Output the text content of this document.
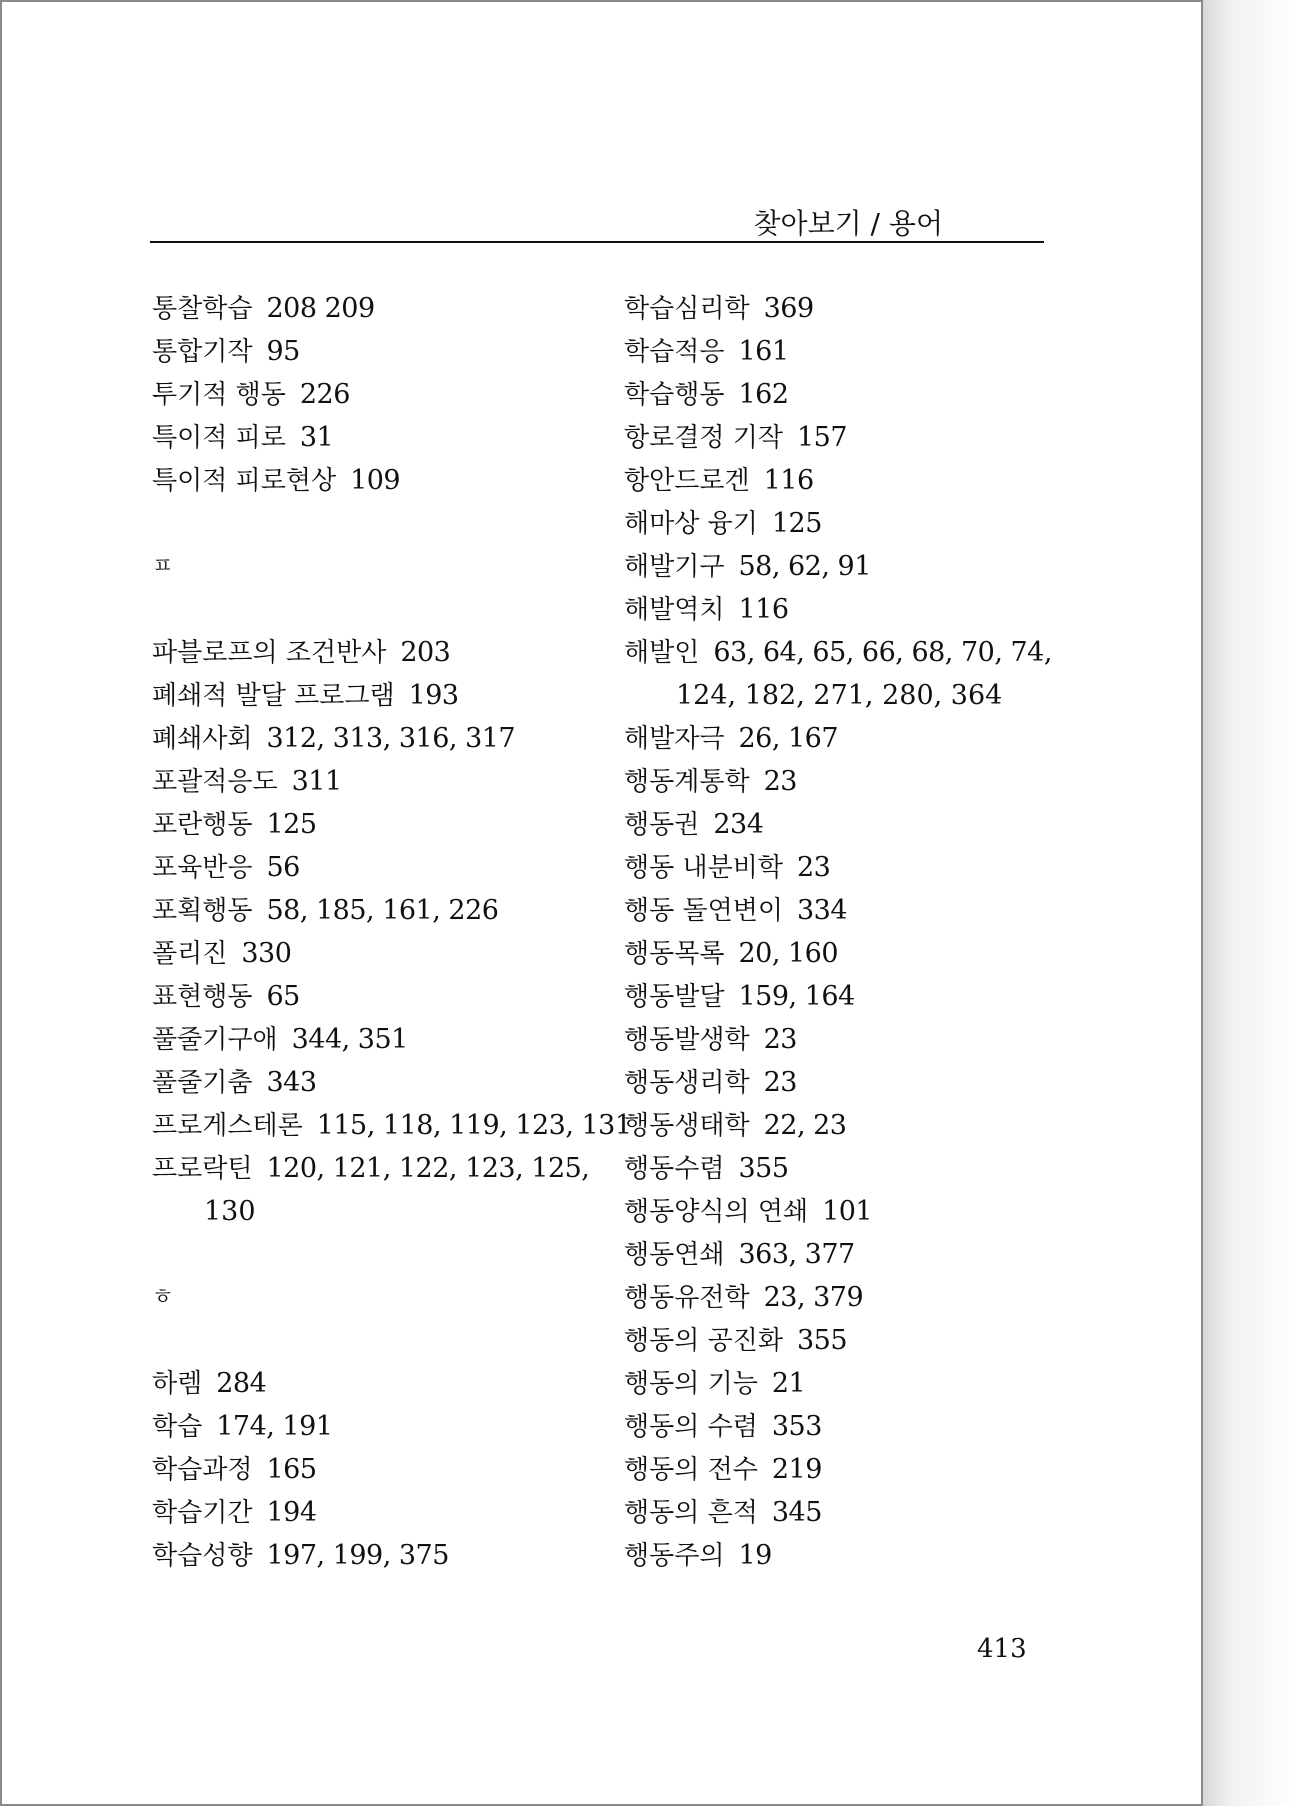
찾아보기 / 용어
통찰학습 208 209
통합기작 95
투기적 행동 226
특이적 피로 31
특이적 피로현상 109
ㅍ
파블로프의 조건반사 203
폐쇄적 발달 프로그램 193
폐쇄사회 312, 313, 316, 317
포괄적응도 311
포란행동 125
포육반응 56
포획행동 58, 185, 161, 226
폴리진 330
표현행동 65
풀줄기구애 344, 351
풀줄기춤 343
프로게스테론 115, 118, 119, 123, 131
프로락틴 120, 121, 122, 123, 125,
130
ㅎ
하렘 284
학습 174, 191
학습과정 165
학습기간 194
학습성향 197, 199, 375
학습심리학 369
학습적응 161
학습행동 162
항로결정 기작 157
항안드로겐 116
해마상 융기 125
해발기구 58, 62, 91
해발역치 116
해발인 63, 64, 65, 66, 68, 70, 74,
124, 182, 271, 280, 364
해발자극 26, 167
행동계통학 23
행동권 234
행동 내분비학 23
행동 돌연변이 334
행동목록 20, 160
행동발달 159, 164
행동발생학 23
행동생리학 23
행동생태학 22, 23
행동수렴 355
행동양식의 연쇄 101
행동연쇄 363, 377
행동유전학 23, 379
행동의 공진화 355
행동의 기능 21
행동의 수렴 353
행동의 전수 219
행동의 흔적 345
행동주의 19
413
